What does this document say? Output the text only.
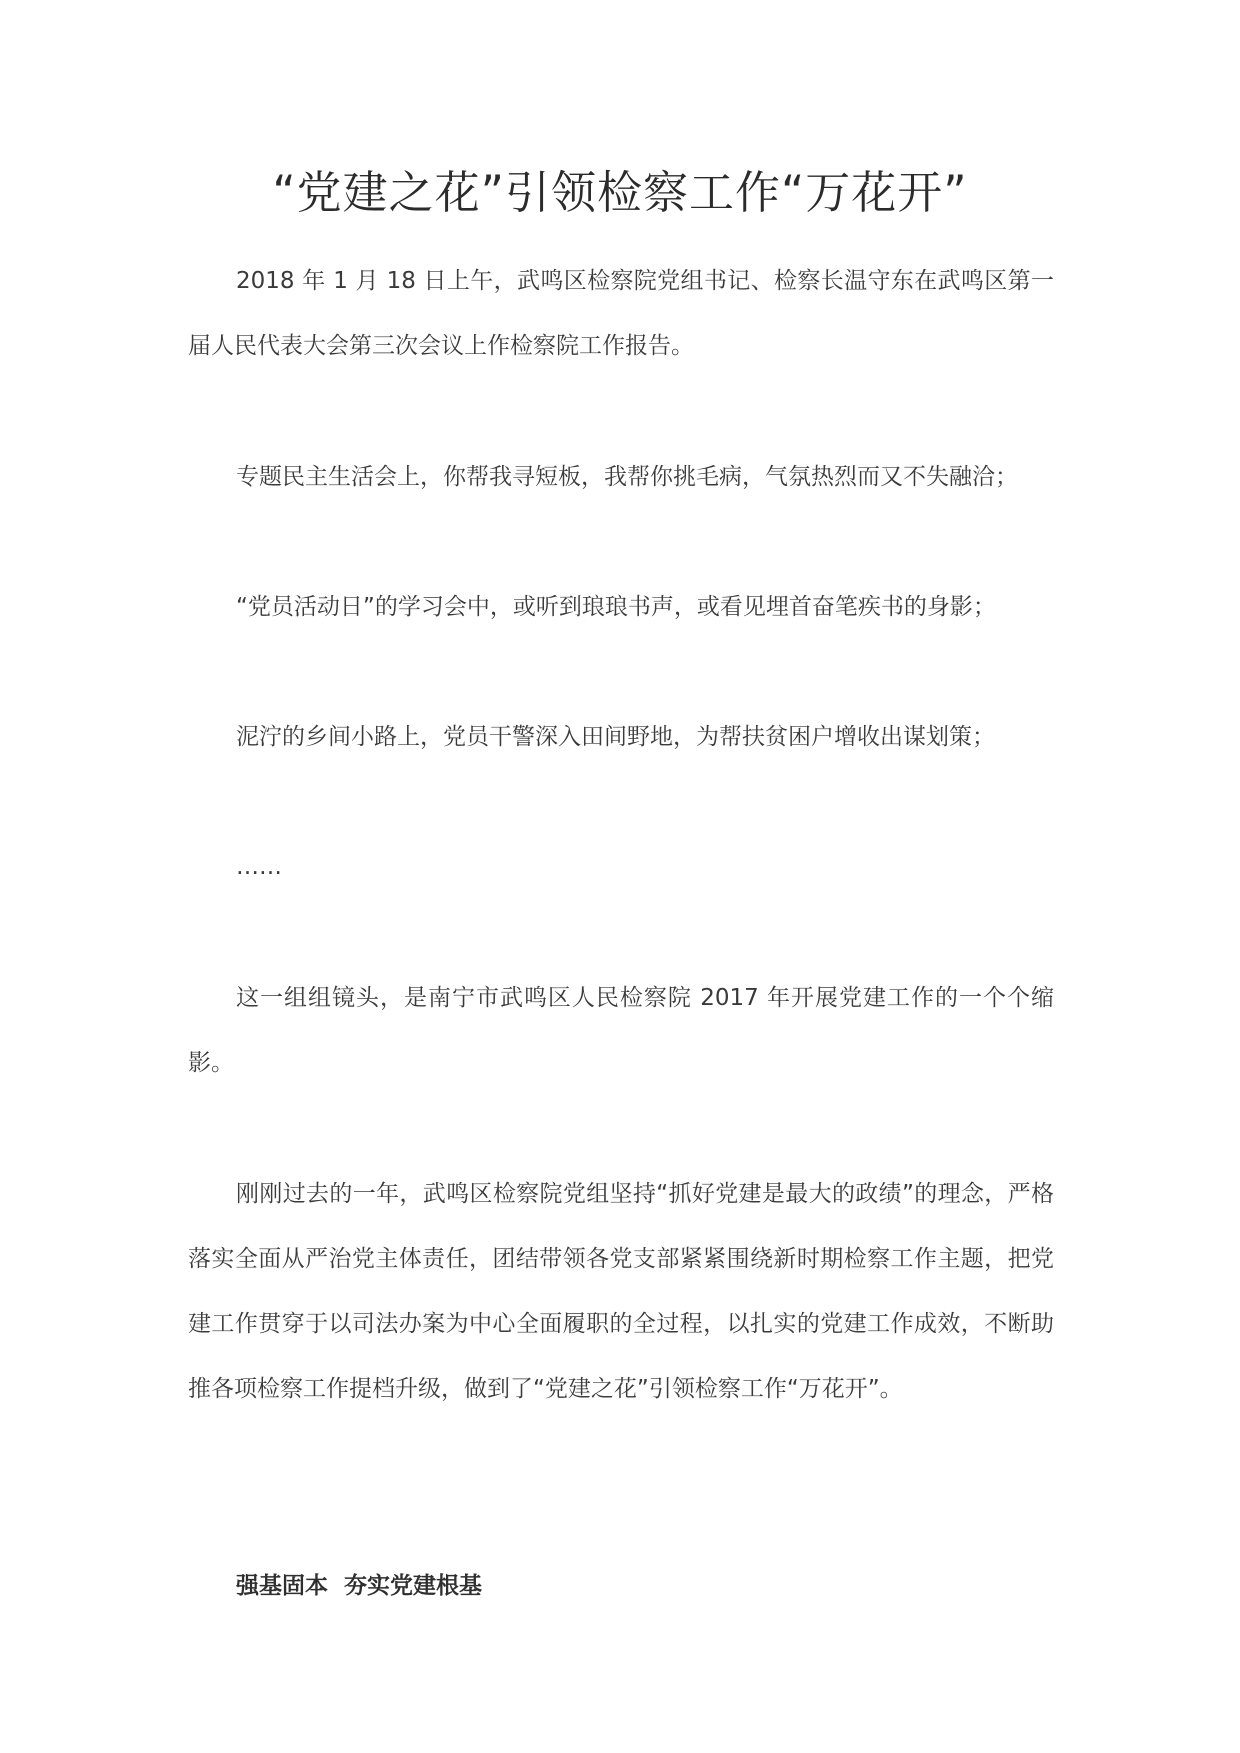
“党建之花”引领检察工作“万花开”

2018 年 1 月 18 日上午，武鸣区检察院党组书记、检察长温守东在武鸣区第一届人民代表大会第三次会议上作检察院工作报告。

专题民主生活会上，你帮我寻短板，我帮你挑毛病，气氛热烈而又不失融洽；

“党员活动日”的学习会中，或听到琅琅书声，或看见埋首奋笔疾书的身影；

泥泞的乡间小路上，党员干警深入田间野地，为帮扶贫困户增收出谋划策；

……

这一组组镜头，是南宁市武鸣区人民检察院 2017 年开展党建工作的一个个缩影。

刚刚过去的一年，武鸣区检察院党组坚持“抓好党建是最大的政绩”的理念，严格落实全面从严治党主体责任，团结带领各党支部紧紧围绕新时期检察工作主题，把党建工作贯穿于以司法办案为中心全面履职的全过程，以扎实的党建工作成效，不断助推各项检察工作提档升级，做到了“党建之花”引领检察工作“万花开”。

强基固本  夯实党建根基
